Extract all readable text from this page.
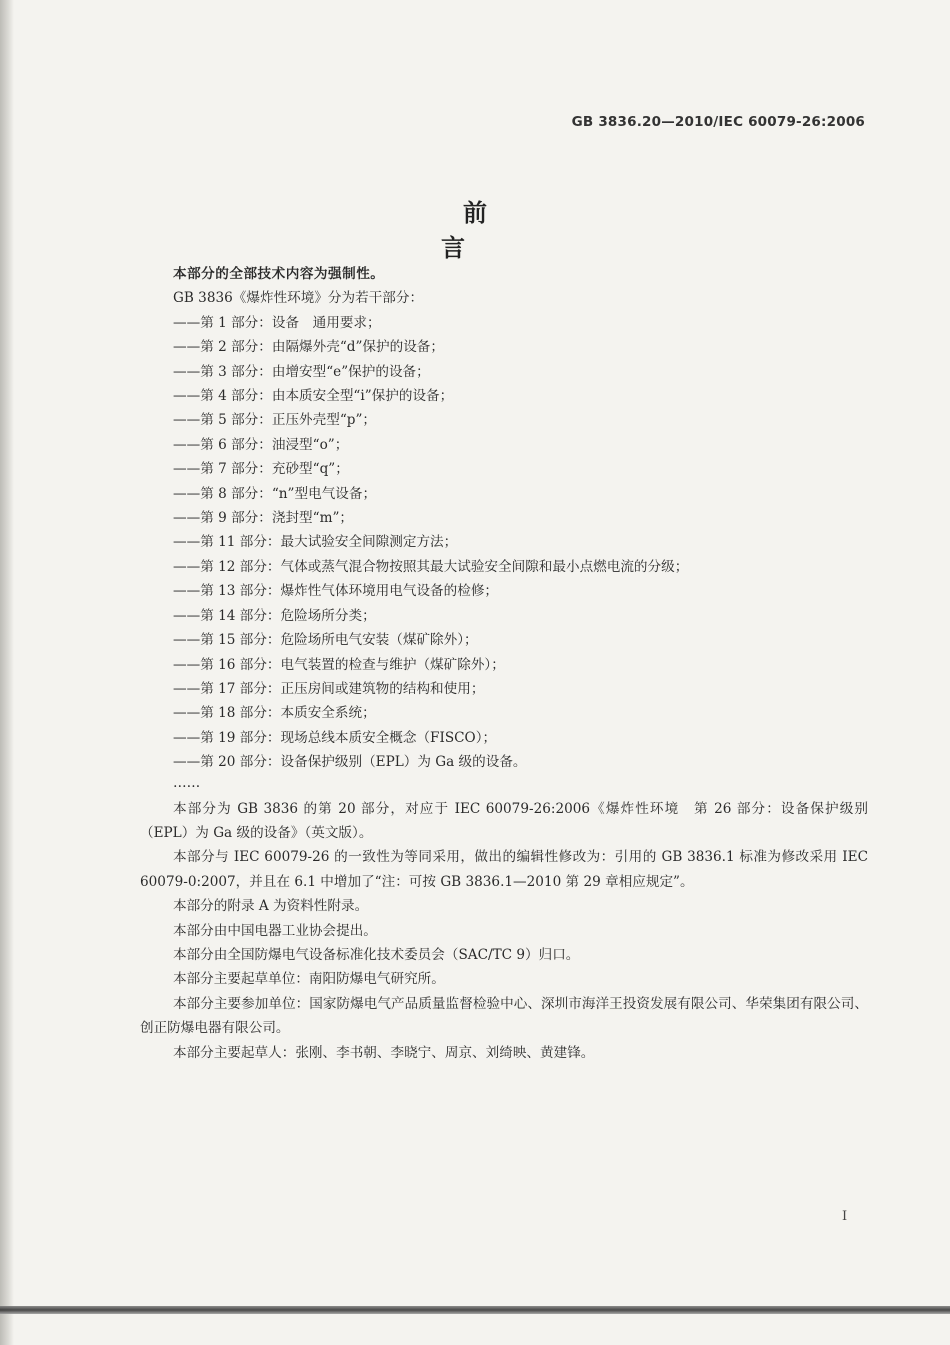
GB 3836.20—2010/IEC 60079-26:2006
前 言

本部分的全部技术内容为强制性。

GB 3836《爆炸性环境》分为若干部分：

——第 1 部分：设备　通用要求；

——第 2 部分：由隔爆外壳“d”保护的设备；

——第 3 部分：由增安型“e”保护的设备；

——第 4 部分：由本质安全型“i”保护的设备；

——第 5 部分：正压外壳型“p”；

——第 6 部分：油浸型“o”；

——第 7 部分：充砂型“q”；

——第 8 部分：“n”型电气设备；

——第 9 部分：浇封型“m”；

——第 11 部分：最大试验安全间隙测定方法；

——第 12 部分：气体或蒸气混合物按照其最大试验安全间隙和最小点燃电流的分级；

——第 13 部分：爆炸性气体环境用电气设备的检修；

——第 14 部分：危险场所分类；

——第 15 部分：危险场所电气安装（煤矿除外）；

——第 16 部分：电气装置的检查与维护（煤矿除外）；

——第 17 部分：正压房间或建筑物的结构和使用；

——第 18 部分：本质安全系统；

——第 19 部分：现场总线本质安全概念（FISCO）；

——第 20 部分：设备保护级别（EPL）为 Ga 级的设备。

……

本部分为 GB 3836 的第 20 部分，对应于 IEC 60079-26:2006《爆炸性环境　第 26 部分：设备保护级别（EPL）为 Ga 级的设备》（英文版）。

本部分与 IEC 60079-26 的一致性为等同采用，做出的编辑性修改为：引用的 GB 3836.1 标准为修改采用 IEC 60079-0:2007，并且在 6.1 中增加了“注：可按 GB 3836.1—2010 第 29 章相应规定”。

本部分的附录 A 为资料性附录。

本部分由中国电器工业协会提出。

本部分由全国防爆电气设备标准化技术委员会（SAC/TC 9）归口。

本部分主要起草单位：南阳防爆电气研究所。

本部分主要参加单位：国家防爆电气产品质量监督检验中心、深圳市海洋王投资发展有限公司、华荣集团有限公司、创正防爆电器有限公司。

本部分主要起草人：张刚、李书朝、李晓宁、周京、刘绮映、黄建锋。

I
